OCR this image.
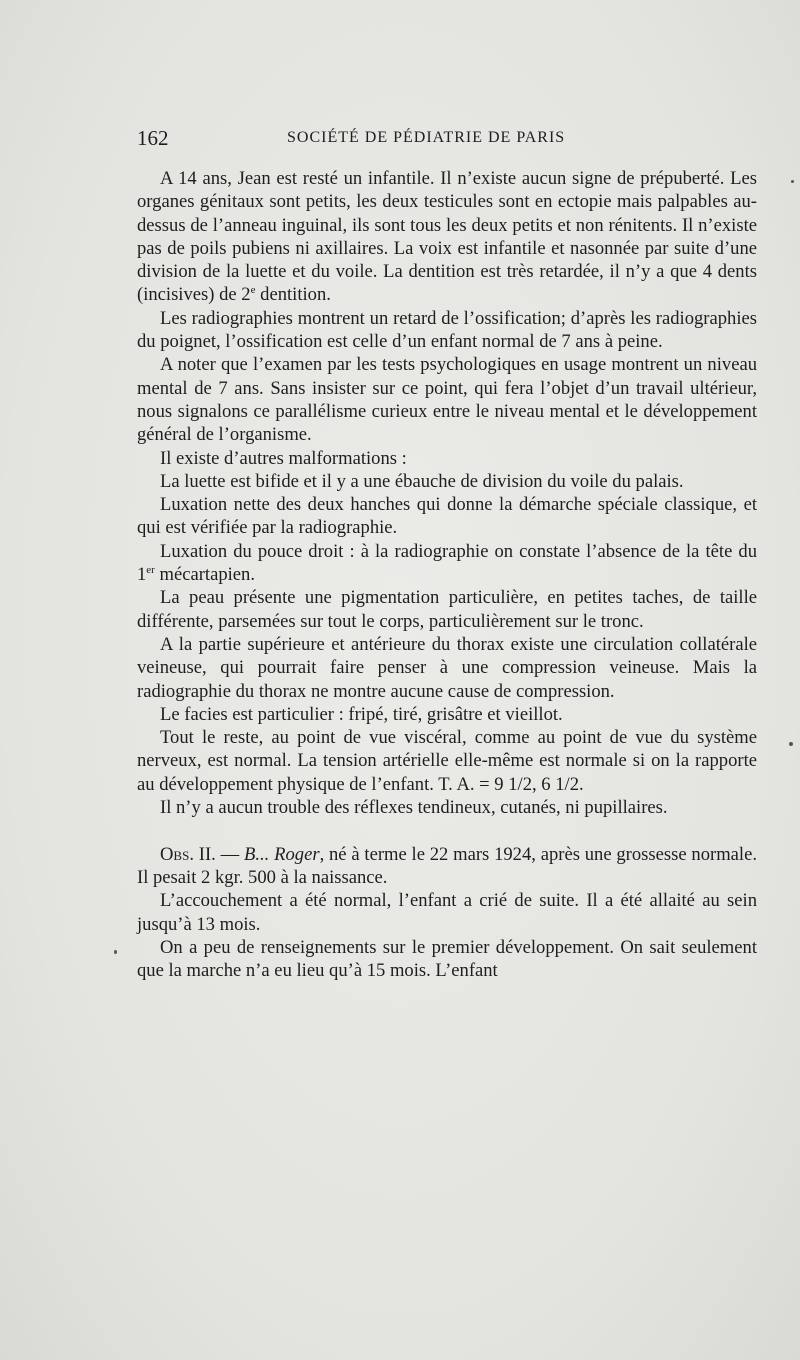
162	SOCIÉTÉ DE PÉDIATRIE DE PARIS

A 14 ans, Jean est resté un infantile. Il n’existe aucun signe de prépuberté. Les organes génitaux sont petits, les deux testicules sont en ectopie mais palpables au-dessus de l’anneau inguinal, ils sont tous les deux petits et non rénitents. Il n’existe pas de poils pubiens ni axillaires. La voix est infantile et nasonnée par suite d’une division de la luette et du voile. La dentition est très retardée, il n’y a que 4 dents (incisives) de 2e dentition.

Les radiographies montrent un retard de l’ossification; d’après les radiographies du poignet, l’ossification est celle d’un enfant normal de 7 ans à peine.

A noter que l’examen par les tests psychologiques en usage montrent un niveau mental de 7 ans. Sans insister sur ce point, qui fera l’objet d’un travail ultérieur, nous signalons ce parallélisme curieux entre le niveau mental et le développement général de l’organisme.

Il existe d’autres malformations :

La luette est bifide et il y a une ébauche de division du voile du palais.

Luxation nette des deux hanches qui donne la démarche spéciale classique, et qui est vérifiée par la radiographie.

Luxation du pouce droit : à la radiographie on constate l’absence de la tête du 1er mécartapien.

La peau présente une pigmentation particulière, en petites taches, de taille différente, parsemées sur tout le corps, particulièrement sur le tronc.

A la partie supérieure et antérieure du thorax existe une circulation collatérale veineuse, qui pourrait faire penser à une compression veineuse. Mais la radiographie du thorax ne montre aucune cause de compression.

Le facies est particulier : fripé, tiré, grisâtre et vieillot.

Tout le reste, au point de vue viscéral, comme au point de vue du système nerveux, est normal. La tension artérielle elle-même est normale si on la rapporte au développement physique de l’enfant. T. A. = 9 1/2, 6 1/2.

Il n’y a aucun trouble des réflexes tendineux, cutanés, ni pupillaires.

Obs. II. — B... Roger, né à terme le 22 mars 1924, après une grossesse normale. Il pesait 2 kgr. 500 à la naissance.

L’accouchement a été normal, l’enfant a crié de suite. Il a été allaité au sein jusqu’à 13 mois.

On a peu de renseignements sur le premier développement. On sait seulement que la marche n’a eu lieu qu’à 15 mois. L’enfant
